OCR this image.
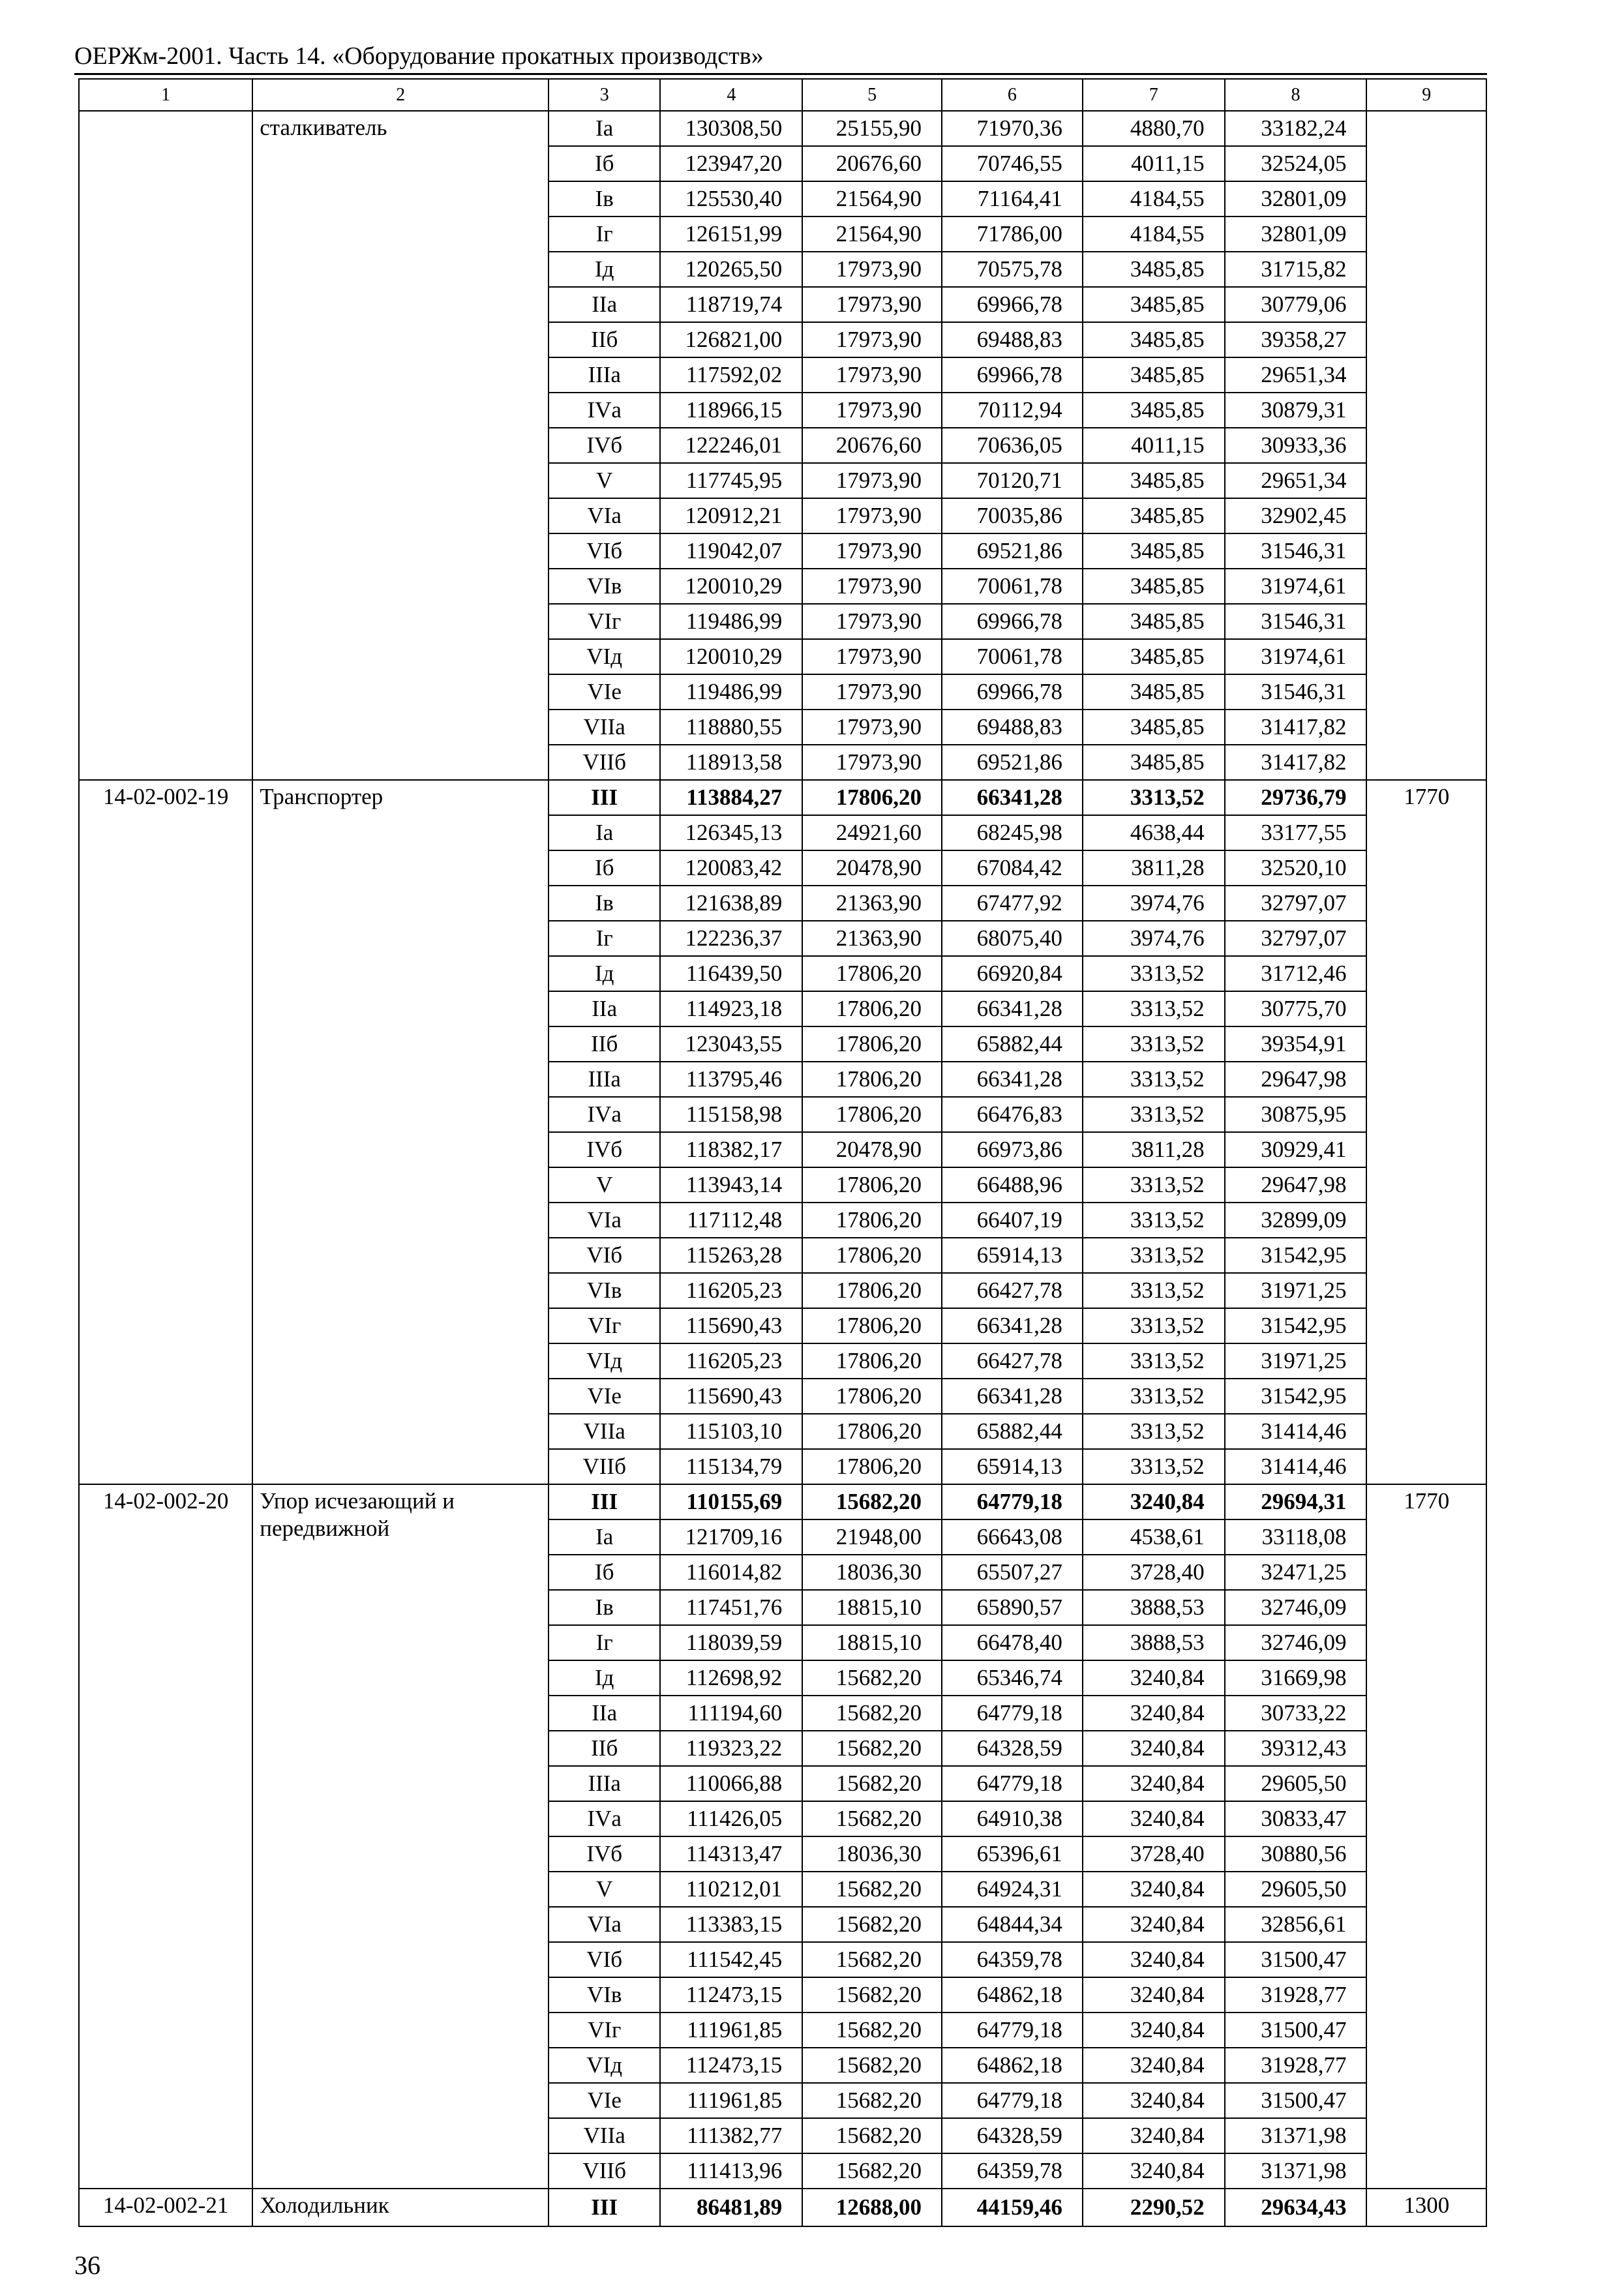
ОЕРЖм-2001. Часть 14. «Оборудование прокатных производств»
1	2	3	4	5	6	7	8	9
	сталкиватель	Iа	130308,50	25155,90	71970,36	4880,70	33182,24	
		Iб	123947,20	20676,60	70746,55	4011,15	32524,05	
		Iв	125530,40	21564,90	71164,41	4184,55	32801,09	
		Iг	126151,99	21564,90	71786,00	4184,55	32801,09	
		Iд	120265,50	17973,90	70575,78	3485,85	31715,82	
		IIа	118719,74	17973,90	69966,78	3485,85	30779,06	
		IIб	126821,00	17973,90	69488,83	3485,85	39358,27	
		IIIа	117592,02	17973,90	69966,78	3485,85	29651,34	
		IVа	118966,15	17973,90	70112,94	3485,85	30879,31	
		IVб	122246,01	20676,60	70636,05	4011,15	30933,36	
		V	117745,95	17973,90	70120,71	3485,85	29651,34	
		VIа	120912,21	17973,90	70035,86	3485,85	32902,45	
		VIб	119042,07	17973,90	69521,86	3485,85	31546,31	
		VIв	120010,29	17973,90	70061,78	3485,85	31974,61	
		VIг	119486,99	17973,90	69966,78	3485,85	31546,31	
		VIд	120010,29	17973,90	70061,78	3485,85	31974,61	
		VIе	119486,99	17973,90	69966,78	3485,85	31546,31	
		VIIа	118880,55	17973,90	69488,83	3485,85	31417,82	
		VIIб	118913,58	17973,90	69521,86	3485,85	31417,82	
14-02-002-19	Транспортер	III	113884,27	17806,20	66341,28	3313,52	29736,79	1770
		Iа	126345,13	24921,60	68245,98	4638,44	33177,55	
		Iб	120083,42	20478,90	67084,42	3811,28	32520,10	
		Iв	121638,89	21363,90	67477,92	3974,76	32797,07	
		Iг	122236,37	21363,90	68075,40	3974,76	32797,07	
		Iд	116439,50	17806,20	66920,84	3313,52	31712,46	
		IIа	114923,18	17806,20	66341,28	3313,52	30775,70	
		IIб	123043,55	17806,20	65882,44	3313,52	39354,91	
		IIIа	113795,46	17806,20	66341,28	3313,52	29647,98	
		IVа	115158,98	17806,20	66476,83	3313,52	30875,95	
		IVб	118382,17	20478,90	66973,86	3811,28	30929,41	
		V	113943,14	17806,20	66488,96	3313,52	29647,98	
		VIа	117112,48	17806,20	66407,19	3313,52	32899,09	
		VIб	115263,28	17806,20	65914,13	3313,52	31542,95	
		VIв	116205,23	17806,20	66427,78	3313,52	31971,25	
		VIг	115690,43	17806,20	66341,28	3313,52	31542,95	
		VIд	116205,23	17806,20	66427,78	3313,52	31971,25	
		VIе	115690,43	17806,20	66341,28	3313,52	31542,95	
		VIIа	115103,10	17806,20	65882,44	3313,52	31414,46	
		VIIб	115134,79	17806,20	65914,13	3313,52	31414,46	
14-02-002-20	Упор исчезающий и передвижной	III	110155,69	15682,20	64779,18	3240,84	29694,31	1770
		Iа	121709,16	21948,00	66643,08	4538,61	33118,08	
		Iб	116014,82	18036,30	65507,27	3728,40	32471,25	
		Iв	117451,76	18815,10	65890,57	3888,53	32746,09	
		Iг	118039,59	18815,10	66478,40	3888,53	32746,09	
		Iд	112698,92	15682,20	65346,74	3240,84	31669,98	
		IIа	111194,60	15682,20	64779,18	3240,84	30733,22	
		IIб	119323,22	15682,20	64328,59	3240,84	39312,43	
		IIIа	110066,88	15682,20	64779,18	3240,84	29605,50	
		IVа	111426,05	15682,20	64910,38	3240,84	30833,47	
		IVб	114313,47	18036,30	65396,61	3728,40	30880,56	
		V	110212,01	15682,20	64924,31	3240,84	29605,50	
		VIа	113383,15	15682,20	64844,34	3240,84	32856,61	
		VIб	111542,45	15682,20	64359,78	3240,84	31500,47	
		VIв	112473,15	15682,20	64862,18	3240,84	31928,77	
		VIг	111961,85	15682,20	64779,18	3240,84	31500,47	
		VIд	112473,15	15682,20	64862,18	3240,84	31928,77	
		VIе	111961,85	15682,20	64779,18	3240,84	31500,47	
		VIIа	111382,77	15682,20	64328,59	3240,84	31371,98	
		VIIб	111413,96	15682,20	64359,78	3240,84	31371,98	
14-02-002-21	Холодильник	III	86481,89	12688,00	44159,46	2290,52	29634,43	1300
36
